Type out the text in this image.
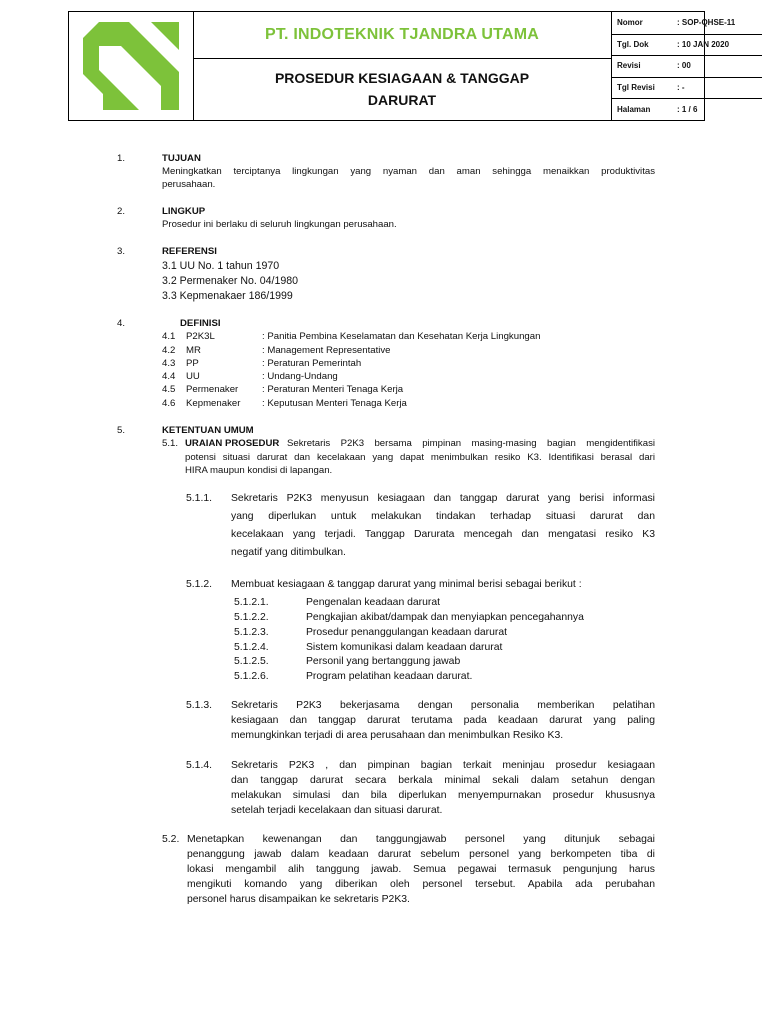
PT. INDOTEKNIK TJANDRA UTAMA
PROSEDUR KESIAGAAN & TANGGAP
DARURAT
Nomor	: SOP-QHSE-11
Tgl. Dok	: 10 JAN 2020
Revisi	: 00
Tgl Revisi	: -
Halaman	: 1 / 6
1.	TUJUAN
Meningkatkan terciptanya lingkungan yang nyaman dan aman sehingga menaikkan produktivitas
perusahaan.
2.	LINGKUP
Prosedur ini berlaku di seluruh lingkungan perusahaan.
3.	REFERENSI
3.1 UU No. 1 tahun 1970
3.2 Permenaker No. 04/1980
3.3 Kepmenakaer 186/1999
4.	DEFINISI
4.1 P2K3L	: Panitia Pembina Keselamatan dan Kesehatan Kerja Lingkungan
4.2 MR	: Management Representative
4.3 PP	: Peraturan Pemerintah
4.4 UU	: Undang-Undang
4.5 Permenaker : Peraturan Menteri Tenaga Kerja
4.6 Kepmenaker : Keputusan Menteri Tenaga Kerja
5.	KETENTUAN UMUM
5.1. URAIAN PROSEDUR Sekretaris P2K3 bersama pimpinan masing-masing bagian mengidentifikasi
potensi situasi darurat dan kecelakaan yang dapat menimbulkan resiko K3. Identifikasi berasal dari
HIRA maupun kondisi di lapangan.
5.1.1. Sekretaris P2K3 menyusun kesiagaan dan tanggap darurat yang berisi informasi
yang diperlukan untuk melakukan tindakan terhadap situasi darurat dan
kecelakaan yang terjadi. Tanggap Darurata mencegah dan mengatasi resiko K3
negatif yang ditimbulkan.
5.1.2. Membuat kesiagaan & tanggap darurat yang minimal berisi sebagai berikut :
5.1.2.1.	Pengenalan keadaan darurat
5.1.2.2.	Pengkajian akibat/dampak dan menyiapkan pencegahannya
5.1.2.3.	Prosedur penanggulangan keadaan darurat
5.1.2.4.	Sistem komunikasi dalam keadaan darurat
5.1.2.5.	Personil yang bertanggung jawab
5.1.2.6.	Program pelatihan keadaan darurat.
5.1.3. Sekretaris P2K3 bekerjasama dengan personalia memberikan pelatihan
kesiagaan dan tanggap darurat terutama pada keadaan darurat yang paling
memungkinkan terjadi di area perusahaan dan menimbulkan Resiko K3.
5.1.4. Sekretaris P2K3 , dan pimpinan bagian terkait meninjau prosedur kesiagaan
dan tanggap darurat secara berkala minimal sekali dalam setahun dengan
melakukan simulasi dan bila diperlukan menyempurnakan prosedur khususnya
setelah terjadi kecelakaan dan situasi darurat.
5.2. Menetapkan kewenangan dan tanggungjawab personel yang ditunjuk sebagai
penanggung jawab dalam keadaan darurat sebelum personel yang berkompeten tiba di
lokasi mengambil alih tanggung jawab. Semua pegawai termasuk pengunjung harus
mengikuti komando yang diberikan oleh personel tersebut. Apabila ada perubahan
personel harus disampaikan ke sekretaris P2K3.
